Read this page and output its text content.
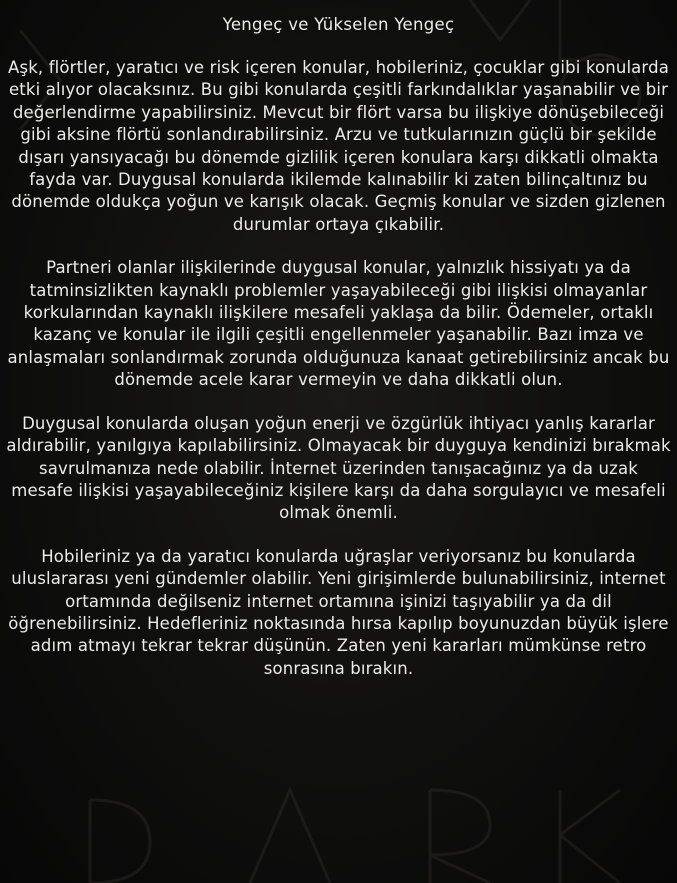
Yengeç ve Yükselen Yengeç

Aşk, flörtler, yaratıcı ve risk içeren konular, hobileriniz, çocuklar gibi konularda etki alıyor olacaksınız. Bu gibi konularda çeşitli farkındalıklar yaşanabilir ve bir değerlendirme yapabilirsiniz. Mevcut bir flört varsa bu ilişkiye dönüşebileceği gibi aksine flörtü sonlandırabilirsiniz. Arzu ve tutkularınızın güçlü bir şekilde dışarı yansıyacağı bu dönemde gizlilik içeren konulara karşı dikkatli olmakta fayda var. Duygusal konularda ikilemde kalınabilir ki zaten bilinçaltınız bu dönemde oldukça yoğun ve karışık olacak. Geçmiş konular ve sizden gizlenen durumlar ortaya çıkabilir.

Partneri olanlar ilişkilerinde duygusal konular, yalnızlık hissiyatı ya da tatminsizlikten kaynaklı problemler yaşayabileceği gibi ilişkisi olmayanlar korkularından kaynaklı ilişkilere mesafeli yaklaşa da bilir. Ödemeler, ortaklı kazanç ve konular ile ilgili çeşitli engellenmeler yaşanabilir. Bazı imza ve anlaşmaları sonlandırmak zorunda olduğunuza kanaat getirebilirsiniz ancak bu dönemde acele karar vermeyin ve daha dikkatli olun.

Duygusal konularda oluşan yoğun enerji ve özgürlük ihtiyacı yanlış kararlar aldırabilir, yanılgıya kapılabilirsiniz. Olmayacak bir duyguya kendinizi bırakmak savrulmanıza nede olabilir. İnternet üzerinden tanışacağınız ya da uzak mesafe ilişkisi yaşayabileceğiniz kişilere karşı da daha sorgulayıcı ve mesafeli olmak önemli.

Hobileriniz ya da yaratıcı konularda uğraşlar veriyorsanız bu konularda uluslararası yeni gündemler olabilir. Yeni girişimlerde bulunabilirsiniz, internet ortamında değilseniz internet ortamına işinizi taşıyabilir ya da dil öğrenebilirsiniz. Hedefleriniz noktasında hırsa kapılıp boyunuzdan büyük işlere adım atmayı tekrar tekrar düşünün. Zaten yeni kararları mümkünse retro sonrasına bırakın.
